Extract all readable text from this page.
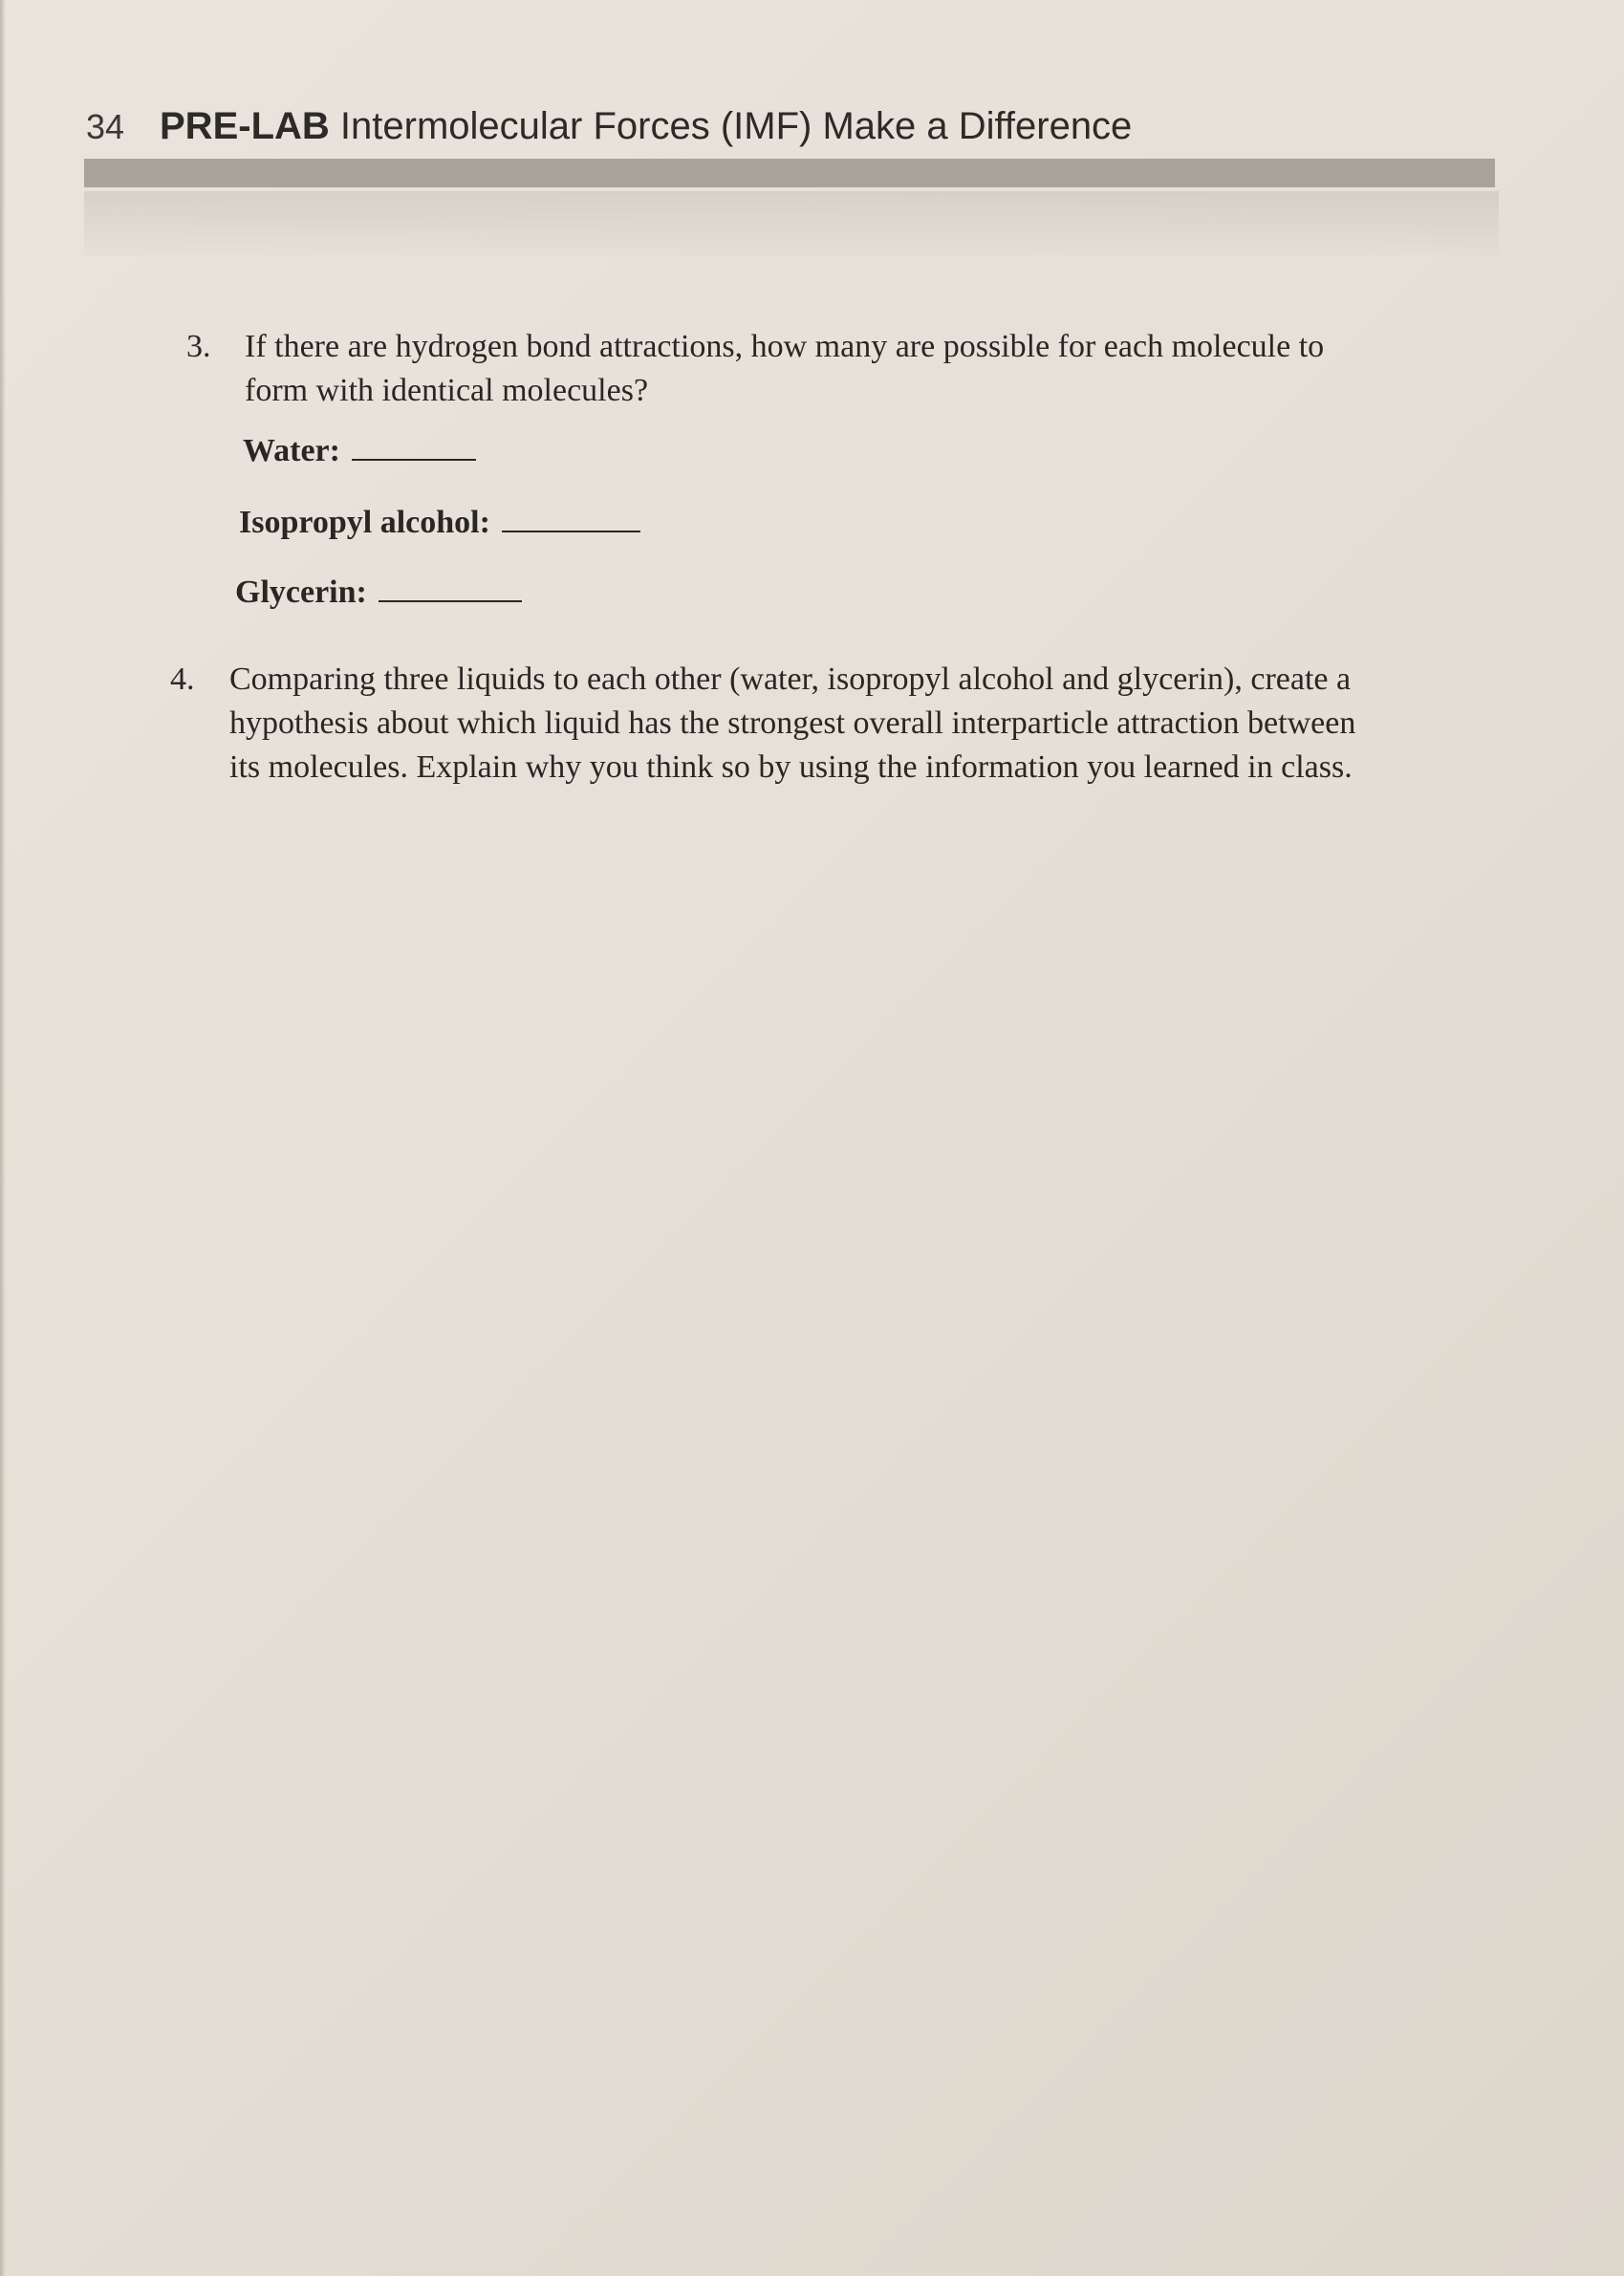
34 PRE-LAB Intermolecular Forces (IMF) Make a Difference
3. If there are hydrogen bond attractions, how many are possible for each molecule to
form with identical molecules?
Water:
Isopropyl alcohol:
Glycerin:
4. Comparing three liquids to each other (water, isopropyl alcohol and glycerin), create a
hypothesis about which liquid has the strongest overall interparticle attraction between
its molecules. Explain why you think so by using the information you learned in class.
